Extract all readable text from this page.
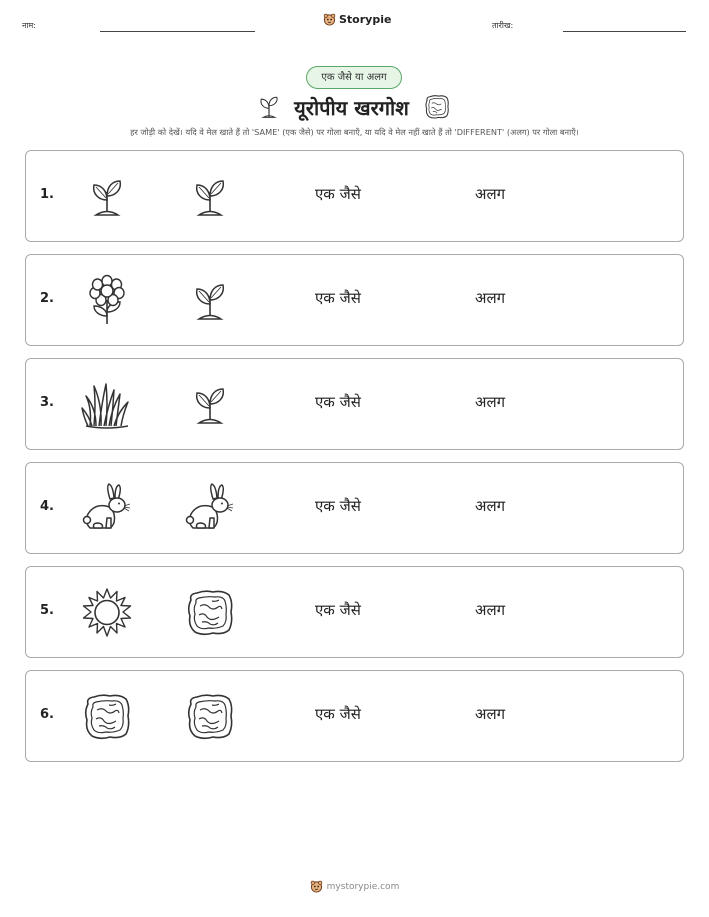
नाम:	Storypie	तारीख:
एक जैसे या अलग
यूरोपीय खरगोश
हर जोड़ी को देखें। यदि वे मेल खाते हैं तो 'SAME' (एक जैसे) पर गोला बनाएँ, या यदि वे मेल नहीं खाते हैं तो 'DIFFERENT' (अलग) पर गोला बनाएँ।
1.	एक जैसे	अलग
2.	एक जैसे	अलग
3.	एक जैसे	अलग
4.	एक जैसे	अलग
5.	एक जैसे	अलग
6.	एक जैसे	अलग
mystorypie.com
